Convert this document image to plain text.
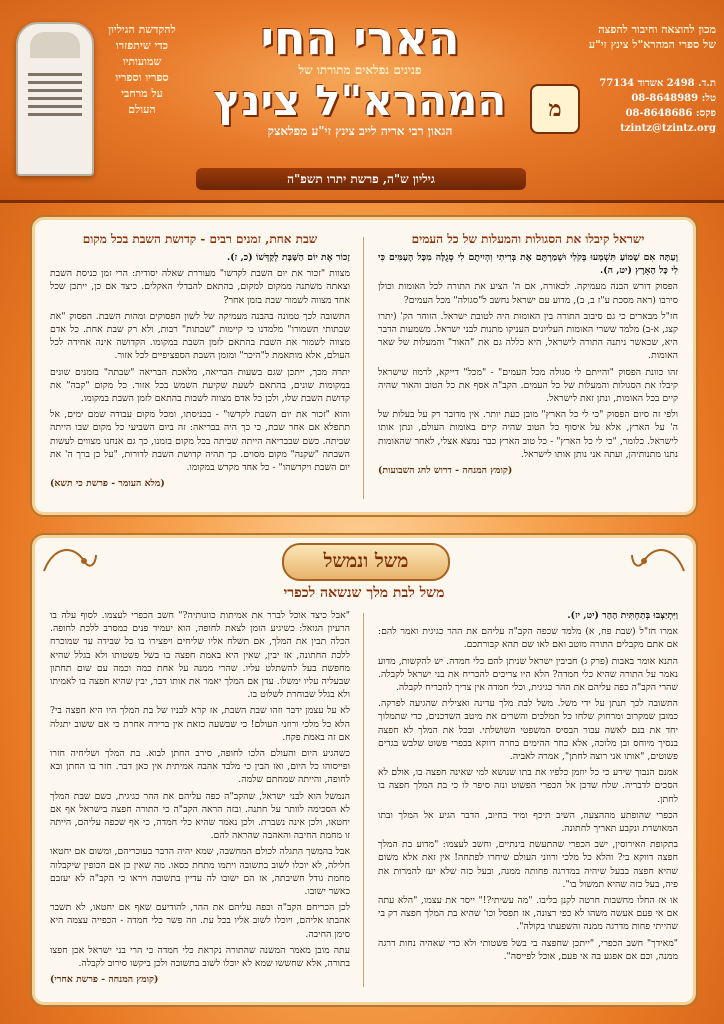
להקדשת הגיליון
כדי שיתפזרו
שמועותיו
ספריו וספריו
על מרחבי
העולם
הארי החי
פנינים נפלאים מתורתו של
המהרא"ל צינץ
הגאון רבי אריה לייב צינץ זי"ע מפלאצק
מכון להוצאה וחיבור להפצה
של ספרי המהרא"ל צינץ זי"ע
מ
ת.ד. 2498 אשדוד 77134
טל: 08-8648989
פקס: 08-8648686
tzintz@tzintz.org
גיליון ש"ה, פרשת יתרו תשפ"ה
ישראל קיבלו את הסגולות והמעלות של כל העמים

וְעַתָּה אִם שָׁמוֹעַ תִּשְׁמְעוּ בְּקֹלִי וּשְׁמַרְתֶּם אֶת בְּרִיתִי וִהְיִיתֶם לִי סְגֻלָּה מִכָּל הָעַמִּים כִּי לִי כָּל הָאָרֶץ (יט, ה).

הפסוק דורש הבנה מעמיקה. לכאורה, אם ה' הציע את התורה לכל האומות וכולן סירבו (ראה מסכת ע"ז ב, ב), מדוע עם ישראל נחשב ל"סגולה" מכל העמים?

חז"ל מבארים כי גם סיבוב התורה בין האומות היה לטובת ישראל. הזוהר הק' (יתרו קצג, א-ב) מלמד ששרי האומות העליונים העניקו מתנות לבני ישראל. משמעות הדבר היא, שכאשר ניתנה התורה לישראל, היא כללה גם את "האור" והמעלות של שאר האומות.

זהו כוונת הפסוק "והייתם לי סגולה מכל העמים" - "מכל" דייקא, לרמוז שישראל קיבלו את הסגולות והמעלות של כל העמים. הקב"ה אסף את כל הטוב והאור שהיה קיים בכל האומות, ונתן זאת לישראל.

ולפי זה סיום הפסוק "כי לי כל הארץ" מובן כעת יותר. אין מדובר רק על בעלות של ה' על הארץ, אלא על איסוף כל הטוב שהיה קיים באומות העולם, ונתן אותו לישראל. כלומר, "כי לי כל הארץ" - כל טוב הארץ כבר נמצא אצלי, לאחר שהאומות נתנו מתנותיהן, ועתה אני נותן אותו לישראל.

(קומץ המנחה - דרוש לחג השבועות)

שבת אחת, זמנים רבים - קדושת השבת בכל מקום

זָכוֹר אֶת יוֹם הַשַּׁבָּת לְקַדְּשׁוֹ (כ, ז).

מצוות "זכור את יום השבת לקדשו" מעוררת שאלה יסודית: הרי זמן כניסת השבת וצאתה משתנה ממקום למקום, בהתאם להבדלי האקלים. כיצד אם כן, ייתכן שכל אחד מצווה לשמור שבת בזמן אחר?

התשובה לכך טמונה בהבנה מעמיקה של לשון הפסוקים ומהות השבת. הפסוק "את שבתותי תשמורו" מלמדנו כי קיימות "שבתות" רבות, ולא רק שבת אחת. כל אדם מצווה לשמור את השבת בהתאם לזמן השבת במקומו. הקדושה אינה אחידה לכל העולם, אלא מותאמת ל"היכר" ומזמן השבת הספציפיים לכל אזור.

יתרה מכך, ייתכן שגם בשעות הבריאה, מלאכת הבריאה "שבתה" בזמנים שונים במקומות שונים, בהתאם לשעת שקיעת השמש בכל אזור. כל מקום "קבה" את קדושת השבת שלו, ולכן כל אדם מצווה לשבות בהתאם לזמן השבת במקומו.

והוא "זכור את יום השבת לקדשו" - בכניסתו, ומכל מקום עבודה שמם ימים, אל תתפלא אם אחר שבת, כי כך היה בבריאה: זה ביום השביעי כל מקום שבו הייתה שביתה. כשם שבבריאה הייתה שביתה בכל מקום בזמנו, כך גם אנחנו מצווים לעשות השבתה "שקנה" מקום מסוים. כך תהיה קדושת השבת לדורות, "על כן ברך ה' את יום השבת ויקדשהו" - כל אחד מקדש במקומו.

(מלא העומר - פרשת כי תשא)

משל ונמשל
משל לבת מלך שנשאה לכפרי

וַיִּתְיַצְּבוּ בְּתַחְתִּית הָהָר (יט, יז).

אמרו חז"ל (שבת פח, א) מלמד שכפה הקב"ה עליהם את ההר כגיגית ואמר להם: אם אתם מקבלים התורה מוטב ואם לאו שם תהא קבורתכם.

התנא אומר באבות (פרק ג) חביבין ישראל שניתן להם כלי חמדה. יש להקשות, מדוע נאמר על התורה שהיא כלי חמדה? הלא היו צריכים להכריח את בני ישראל לקבלה. שהרי הקב"ה כפה עליהם את ההר כגיגית, וכלי חמדה אין צריך להכריח לקבלה.

התשובה לכך תנתן על ידי משל. משל לבת מלך עדינה ואצילית שהגיעה לפרקה. כמובן שמקרוב ומרחוק שלחו כל המלכים והשרים את מיטב השדכנים, כדי שתמלוך יחד את בנם לאשה עבור הבסיס המשפטי השושלתי. ובכל את המלך לא חפצה בנסיך מיוחס ובן מלוכה, אלא בחר ההימים בחרה דווקא בכפרי פשוט שלבש בגדים פשוטים, "אותו אני רוצה לחתן", אמרה לאביה.

אמנם הנבוך שידע כי כל יוזמן כלפיו את בתו שנושא למי שאינה חפצה בו, אולם לא הסכים לדבריה. שלח שדכן אל הכפרי הפשוט ונזה סיפר לו כי בת המלך חפצה בו לחתן.

הכפרי שהופתע מההצעה, השיב תיכף ומיד בחיוב, הדבר הגיע אל המלך ובתו המאושרת ונקבע תאריך לחתונה.

בתקופת האירוסין, ישב הכפרי שהתעשת בינתיים, וחשב לעצמו: "מדוע בת המלך חפצה דווקא בי? והלא כל מלכי ורוזני העולם שיחרו לפתחה! אין זאת אלא משום שהיא חפצה בבעל שיהיה במדרגה פחותה ממנה, ובעל כזה שלא יעז להמרות את פיה, בעל כזה שהיא תמשול בו".

או אז החלו מחשבות חרטה לקנן בליבו. "מה עשיתי?!" ייסר את עצמו, "הלא עתה אם אי פעם אעשה משהו לא כפי רצונה, אז תפסל וכו' שהיא בת המלך חפצה רק בי שהייתי פחות מדרגה ממנה והשפעתו בקולה".

"מאידך" חשב הכפרי, "ייתכן שחפצה בי בשל פשטותי ולא כדי שאהיה נחות דרגה ממנה, וכם אם אפגע בה אי פעם, אוכל לפייסה".

"אבל כיצד אוכל לברר את אמיתות כוונותיה?" חשב הכפרי לעצמו. לסוף עלה בו הרעיון הגואל: כשיגיע הזמן לצאת לחופה, הוא יעמיד פנים כמסרב ללכת לחופה. הכלה תבין את המלך, אם תשלח אליו שליחים ויפצירו בו כל שבידה עד שמוכרח ללכת החתונה, אז יבין, שאין היא באמת חפצה בו בשל פשטותו ולא בגלל שהיא מחפשת בעל להשתלט עליו. שהרי ממנה על אחת כמה וכמה עם שום תחתון שבעליה עליו ימשלו. עדן אם המלך יאמר את אותו דבר, יבין שהיא חפצה בו לאמיתו ולא בגלל שבוחרת לשלוט בו.

לא על עצמן ידבר וזהו שבת השבת, אז קרא לבניו של בת המלך היו היא חפצה בי? הלא כל מלכי ורוזני העולם! כי שבשעה כזאת אין ברירה אחרת כי אם ששוב יתגלה אם זה באמת פקח.

כשהגיע היום והעולם הלכו לחופה, סירב החתן לבוא. בת המלך ושליחיה חזרו ופייסוהו כל היום, ואז הבין כי מלבד אהבה אמיתית אין כאן דבר. חזר בו החתן ובא לחופה, והייתה שמחתם שלמה.

הנמשל הוא לבני ישראל, שהקב"ה כפה עליהם את ההר כגיגית, כשם שבת המלך לא הסכימה לוותר על חתנה. ובזה הראה הקב"ה כי התורה חפצה בישראל אף אם יחטאו, ולכן אינה נשברת. ולכן נאמר שהיא כלי חמדה, כי אף שכפה עליהם, הייתה זו מחמת החיבה והאהבה שהראה להם.

אבל בהמשך התגלה לכולם המחשבה, שמא יהיה הדבר בעוכריהם, ומשום אם יחטאו חלילה, לא יוכלו לשוב בתשובה ויתמו מתחת כסאו. מה שאין כן אם הכופין שיקבלוה מחמת גודל חשיבתה, אז הם ישובו לה עדיין בתשובה ויראו כי הקב"ה לא יעזבם כאשר ישובו.

לכן הכריחם הקב"ה וכפה עליהם את ההר, להודיעם שאף אם יחטאו, לא תשבר אהבתו אליהם, ויוכלו לשוב אליו בכל עת. וזה פשר כלי חמדה - הכפייה עצמה היא סימן החיבה.

עתה מובן מאמר המשנה שהתורה נקראת כלי חמדה כי הרי בני ישראל אכן חפצו בתורה, אלא שחששו שמא לא יוכלו לשוב בתשובה ולכן ביקשו סירוב לקבלה.

(קומץ המנחה - פרשת אחרי)
